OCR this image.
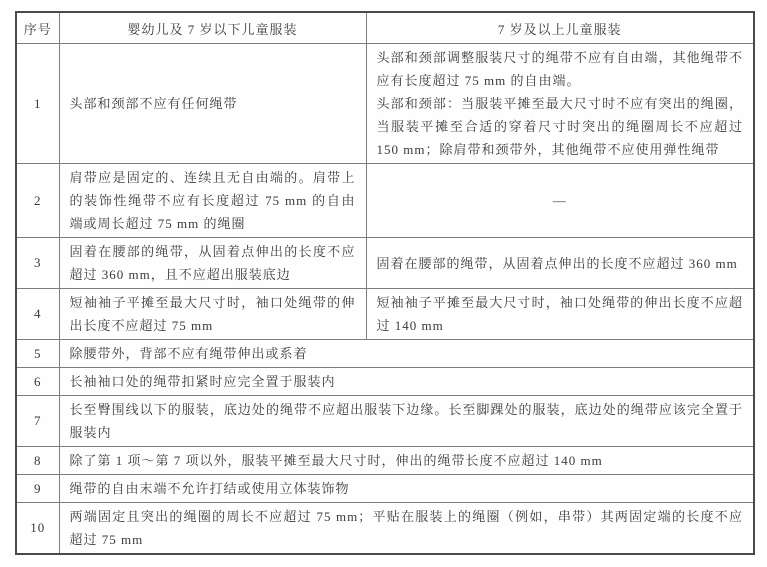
序号	婴幼儿及 7 岁以下儿童服装	7 岁及以上儿童服装
1	头部和颈部不应有任何绳带	头部和颈部调整服装尺寸的绳带不应有自由端，其他绳带不应有长度超过 75 mm 的自由端。
头部和颈部：当服装平摊至最大尺寸时不应有突出的绳圈，当服装平摊至合适的穿着尺寸时突出的绳圈周长不应超过 150 mm；除肩带和颈带外，其他绳带不应使用弹性绳带

2	肩带应是固定的、连续且无自由端的。肩带上的装饰性绳带不应有长度超过 75 mm 的自由端或周长超过 75 mm 的绳圈	—

3	固着在腰部的绳带，从固着点伸出的长度不应超过 360 mm，且不应超出服装底边	固着在腰部的绳带，从固着点伸出的长度不应超过 360 mm

4	短袖袖子平摊至最大尺寸时，袖口处绳带的伸出长度不应超过 75 mm	短袖袖子平摊至最大尺寸时，袖口处绳带的伸出长度不应超过 140 mm

5	除腰带外，背部不应有绳带伸出或系着	
6	长袖袖口处的绳带扣紧时应完全置于服装内	
7	长至臀围线以下的服装，底边处的绳带不应超出服装下边缘。长至脚踝处的服装，底边处的绳带应该完全置于服装内	
8	除了第 1 项～第 7 项以外，服装平摊至最大尺寸时，伸出的绳带长度不应超过 140 mm	
9	绳带的自由末端不允许打结或使用立体装饰物	
10	两端固定且突出的绳圈的周长不应超过 75 mm；平贴在服装上的绳圈（例如，串带）其两固定端的长度不应超过 75 mm	
